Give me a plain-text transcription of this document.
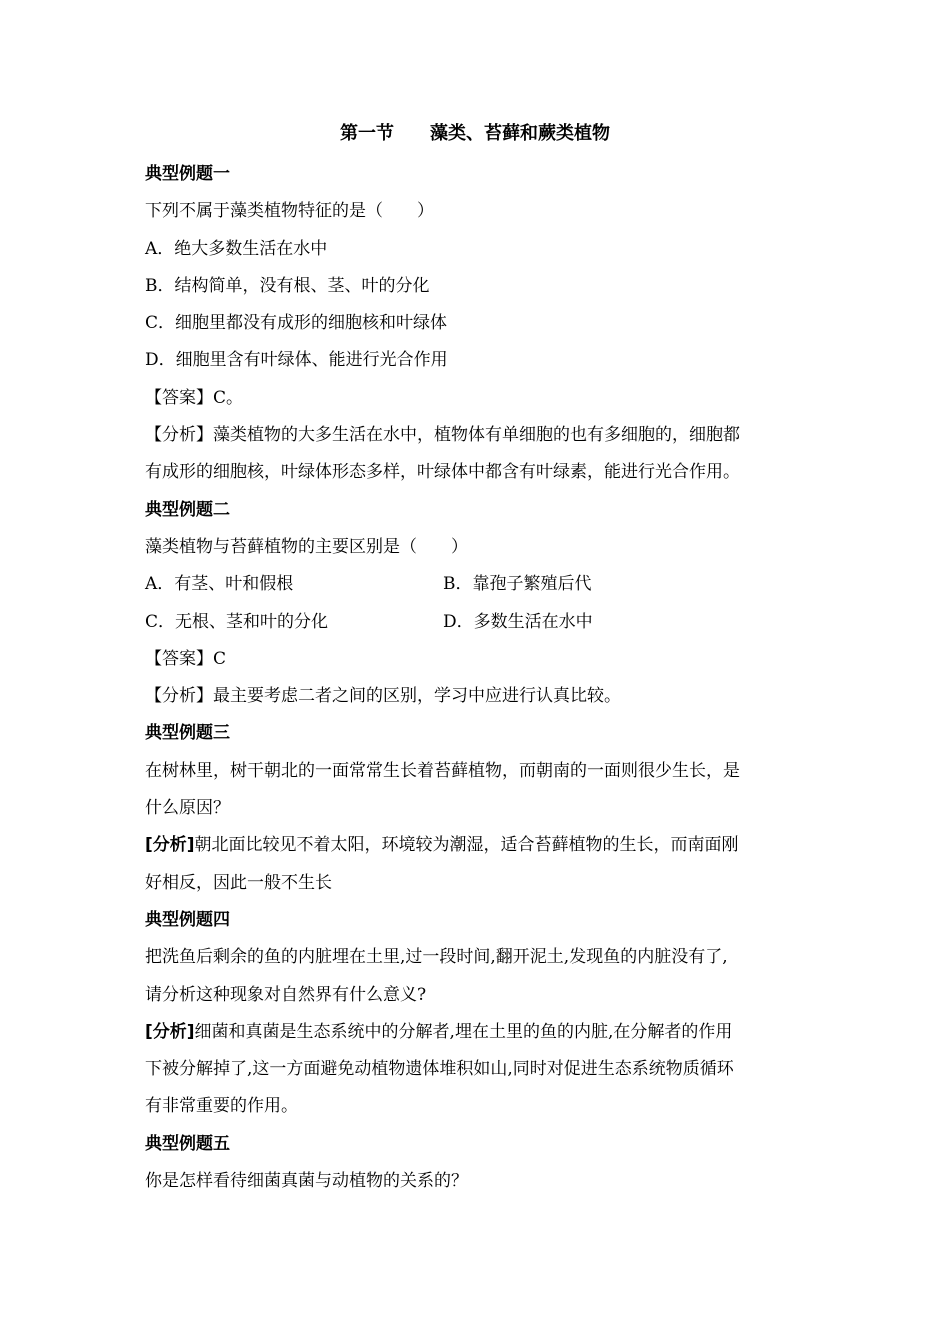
第一节 藻类、苔藓和蕨类植物
典型例题一
下列不属于藻类植物特征的是（　　）
A．绝大多数生活在水中
B．结构简单，没有根、茎、叶的分化
C．细胞里都没有成形的细胞核和叶绿体
D．细胞里含有叶绿体、能进行光合作用
【答案】C。
【分析】藻类植物的大多生活在水中，植物体有单细胞的也有多细胞的，细胞都
有成形的细胞核，叶绿体形态多样，叶绿体中都含有叶绿素，能进行光合作用。
典型例题二
藻类植物与苔藓植物的主要区别是（　　）
A．有茎、叶和假根	B．靠孢子繁殖后代
C．无根、茎和叶的分化	D．多数生活在水中
【答案】C
【分析】最主要考虑二者之间的区别，学习中应进行认真比较。
典型例题三
在树林里，树干朝北的一面常常生长着苔藓植物，而朝南的一面则很少生长，是
什么原因？
[分析]朝北面比较见不着太阳，环境较为潮湿，适合苔藓植物的生长，而南面刚
好相反，因此一般不生长
典型例题四
把洗鱼后剩余的鱼的内脏埋在土里,过一段时间,翻开泥土,发现鱼的内脏没有了,
请分析这种现象对自然界有什么意义?
[分析]细菌和真菌是生态系统中的分解者,埋在土里的鱼的内脏,在分解者的作用
下被分解掉了,这一方面避免动植物遗体堆积如山,同时对促进生态系统物质循环
有非常重要的作用。
典型例题五
你是怎样看待细菌真菌与动植物的关系的？
